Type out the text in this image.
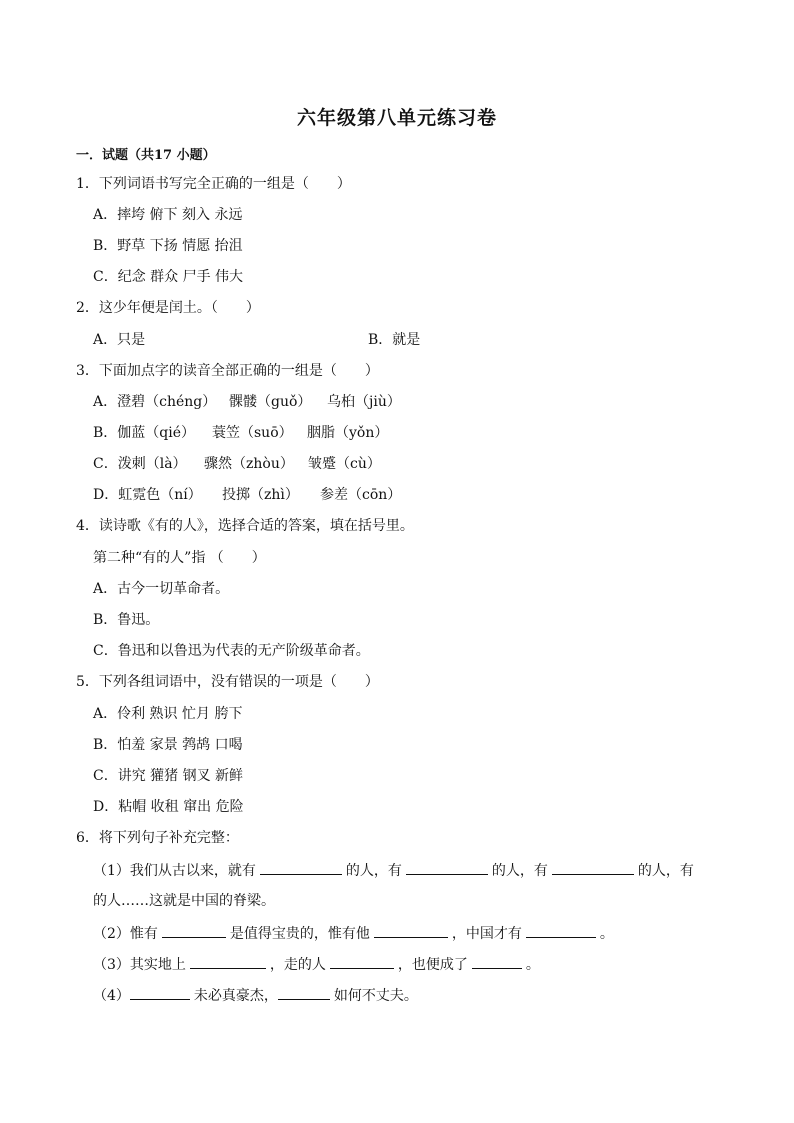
六年级第八单元练习卷
一．试题（共17 小题）
1．下列词语书写完全正确的一组是（　　）
A．摔垮 俯下 刻入 永远
B．野草 下扬 情愿 抬沮
C．纪念 群众 尸手 伟大
2．这少年便是闰土。（　　）
A．只是	B．就是
3．下面加点字的读音全部正确的一组是（　　）
A．澄碧（chéng） 髁髅（guǒ） 乌桕（jiù）
B．伽蓝（qié） 蓑笠（suō） 胭脂（yǒn）
C．泼刺（là） 骤然（zhòu） 皱蹙（cù）
D．虹霓色（ní） 投掷（zhì） 参差（cōn）
4．读诗歌《有的人》，选择合适的答案，填在括号里。
第二种“有的人”指 （　　）
A．古今一切革命者。
B．鲁迅。
C．鲁迅和以鲁迅为代表的无产阶级革命者。
5．下列各组词语中，没有错误的一项是（　　）
A．伶利 熟识 忙月 胯下
B．怕羞 家景 鹁鸪 口喝
C．讲究 獾猪 钢叉 新鲜
D．粘帽 收租 窜出 危险
6．将下列句子补充完整：
（1）我们从古以来，就有	的人，有	的人，有	的人，有
的人……这就是中国的脊梁。
（2）惟有	是值得宝贵的，惟有他	，中国才有	。
（3）其实地上	，走的人	，也便成了	。
（4）	未必真豪杰，	如何不丈夫。
